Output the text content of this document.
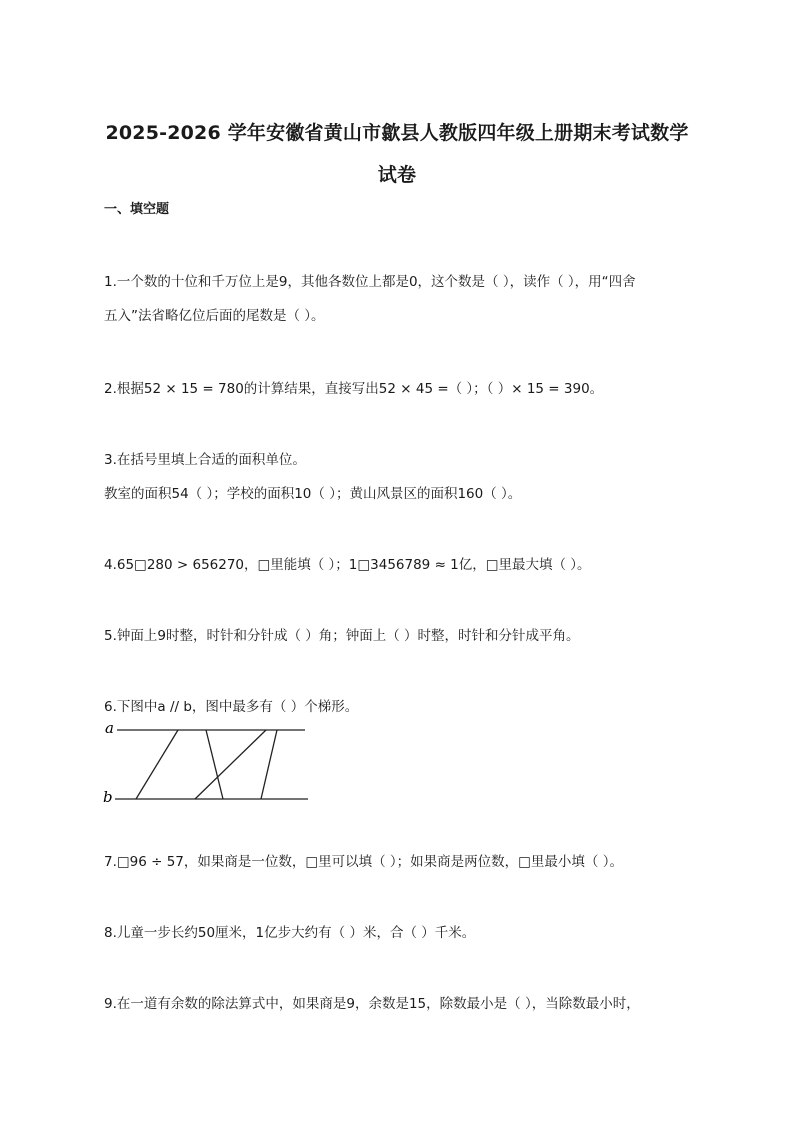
2025-2026 学年安徽省黄山市歙县人教版四年级上册期末考试数学
试卷
一、填空题
1.一个数的十位和千万位上是9，其他各数位上都是0，这个数是（ ），读作（ ），用“四舍
五入”法省略亿位后面的尾数是（ ）。
2.根据52 × 15 = 780的计算结果，直接写出52 × 45 =（ ）；（ ）× 15 = 390。
3.在括号里填上合适的面积单位。
教室的面积54（ ）；学校的面积10（ ）；黄山风景区的面积160（ ）。
4.65□280 > 656270，□里能填（ ）；1□3456789 ≈ 1亿，□里最大填（ ）。
5.钟面上9时整，时针和分针成（ ）角；钟面上（ ）时整，时针和分针成平角。
6.下图中a // b，图中最多有（ ）个梯形。
a
b
7.□96 ÷ 57，如果商是一位数，□里可以填（ ）；如果商是两位数，□里最小填（ ）。
8.儿童一步长约50厘米，1亿步大约有（ ）米，合（ ）千米。
9.在一道有余数的除法算式中，如果商是9，余数是15，除数最小是（ ），当除数最小时，
